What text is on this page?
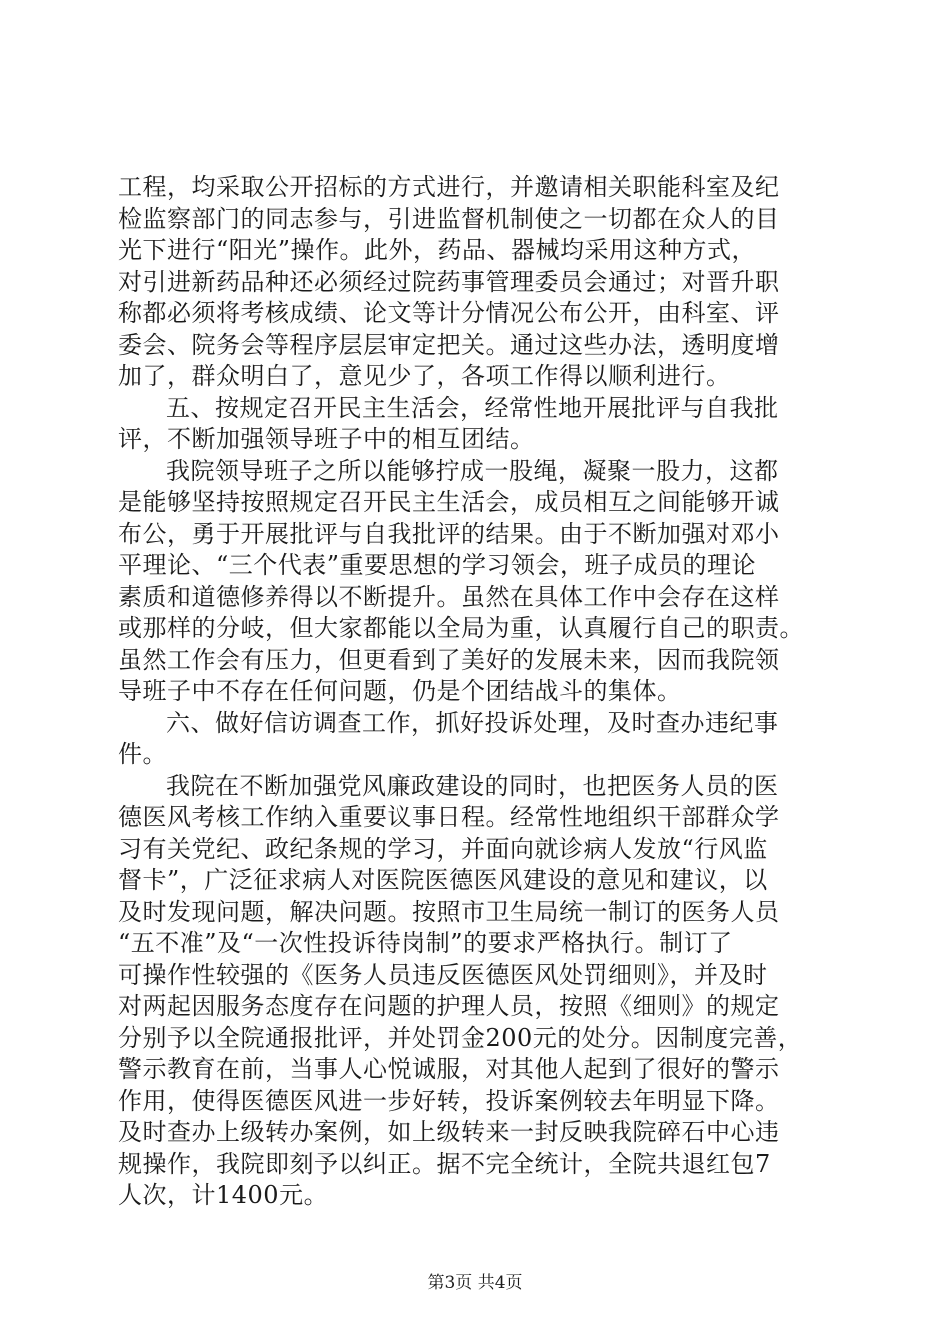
工程，均采取公开招标的方式进行，并邀请相关职能科室及纪
检监察部门的同志参与，引进监督机制使之一切都在众人的目
光下进行“阳光”操作。此外，药品、器械均采用这种方式，
对引进新药品种还必须经过院药事管理委员会通过；对晋升职
称都必须将考核成绩、论文等计分情况公布公开，由科室、评
委会、院务会等程序层层审定把关。通过这些办法，透明度增
加了，群众明白了，意见少了，各项工作得以顺利进行。
五、按规定召开民主生活会，经常性地开展批评与自我批
评，不断加强领导班子中的相互团结。
我院领导班子之所以能够拧成一股绳，凝聚一股力，这都
是能够坚持按照规定召开民主生活会，成员相互之间能够开诚
布公，勇于开展批评与自我批评的结果。由于不断加强对邓小
平理论、“三个代表”重要思想的学习领会，班子成员的理论
素质和道德修养得以不断提升。虽然在具体工作中会存在这样
或那样的分岐，但大家都能以全局为重，认真履行自己的职责。
虽然工作会有压力，但更看到了美好的发展未来，因而我院领
导班子中不存在任何问题，仍是个团结战斗的集体。
六、做好信访调查工作，抓好投诉处理，及时查办违纪事
件。
我院在不断加强党风廉政建设的同时，也把医务人员的医
德医风考核工作纳入重要议事日程。经常性地组织干部群众学
习有关党纪、政纪条规的学习，并面向就诊病人发放“行风监
督卡”，广泛征求病人对医院医德医风建设的意见和建议，以
及时发现问题，解决问题。按照市卫生局统一制订的医务人员
“五不准”及“一次性投诉待岗制”的要求严格执行。制订了
可操作性较强的《医务人员违反医德医风处罚细则》，并及时
对两起因服务态度存在问题的护理人员，按照《细则》的规定
分别予以全院通报批评，并处罚金200元的处分。因制度完善，
警示教育在前，当事人心悦诚服，对其他人起到了很好的警示
作用，使得医德医风进一步好转，投诉案例较去年明显下降。
及时查办上级转办案例，如上级转来一封反映我院碎石中心违
规操作，我院即刻予以纠正。据不完全统计，全院共退红包7
人次，计1400元。
第3页 共4页
